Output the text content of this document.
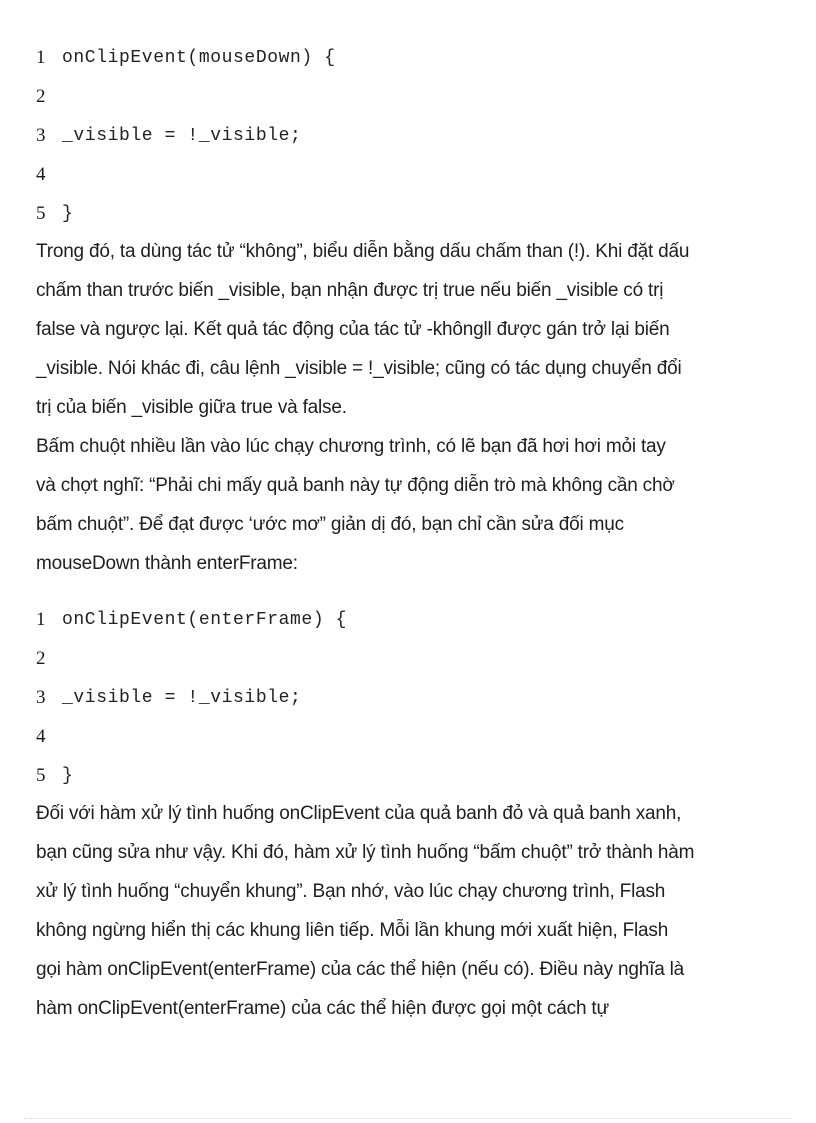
1 onClipEvent(mouseDown) {
2
3 _visible = !_visible;
4
5 }

Trong đó, ta dùng tác tử “không”, biểu diễn bằng dấu chấm than (!). Khi đặt dấu

chấm than trước biến _visible, bạn nhận được trị true nếu biến _visible có trị

false và ngược lại. Kết quả tác động của tác tử -khôngll được gán trở lại biến

_visible. Nói khác đi, câu lệnh _visible = !_visible; cũng có tác dụng chuyển đổi

trị của biến _visible giữa true và false.

Bấm chuột nhiều lần vào lúc chạy chương trình, có lẽ bạn đã hơi hơi mỏi tay

và chợt nghĩ: “Phải chi mấy quả banh này tự động diễn trò mà không cần chờ

bấm chuột”. Để đạt được ‘ước mơ” giản dị đó, bạn chỉ cần sửa đối mục

mouseDown thành enterFrame:

1 onClipEvent(enterFrame) {
2
3 _visible = !_visible;
4
5 }

Đối với hàm xử lý tình huống onClipEvent của quả banh đỏ và quả banh xanh,

bạn cũng sửa như vậy. Khi đó, hàm xử lý tình huống “bấm chuột” trở thành hàm

xử lý tình huống “chuyển khung”. Bạn nhớ, vào lúc chạy chương trình, Flash

không ngừng hiển thị các khung liên tiếp. Mỗi lần khung mới xuất hiện, Flash

gọi hàm onClipEvent(enterFrame) của các thể hiện (nếu có). Điều này nghĩa là

hàm onClipEvent(enterFrame) của các thể hiện được gọi một cách tự
